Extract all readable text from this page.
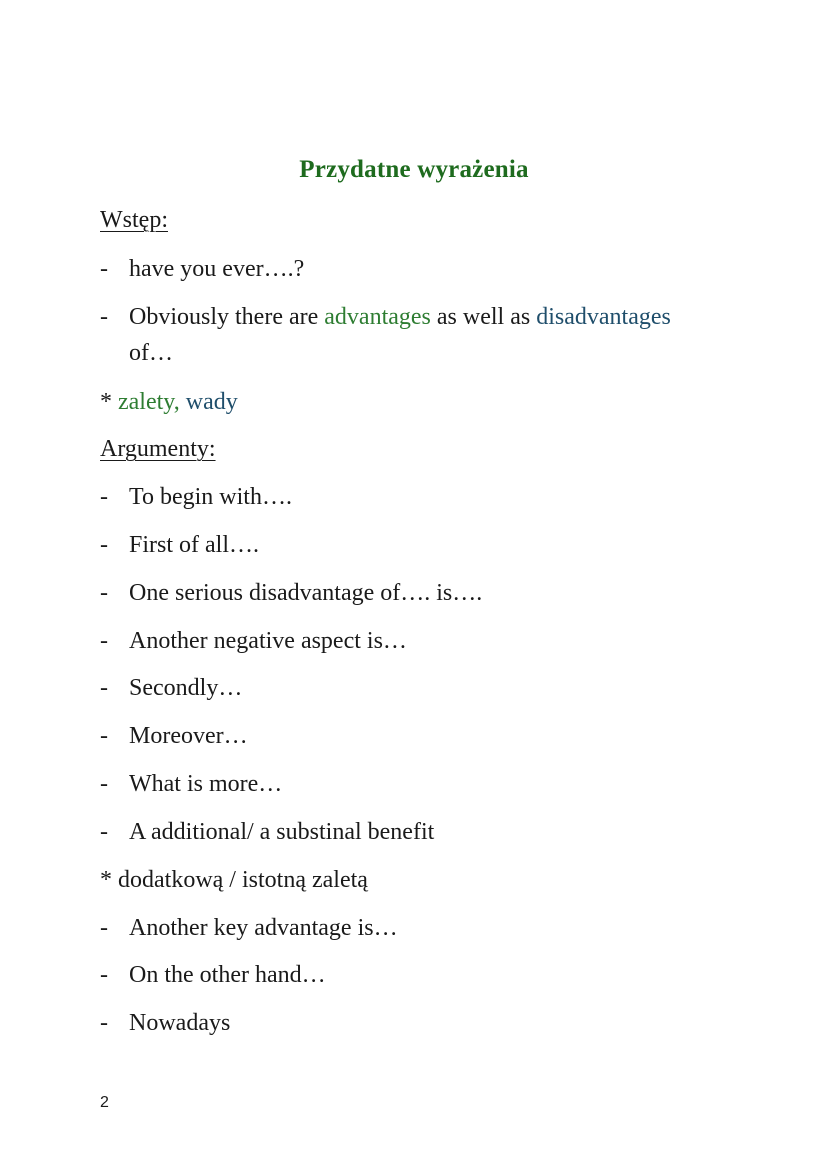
Przydatne wyrażenia
Wstęp:
- have you ever….?
- Obviously there are advantages as well as disadvantages
of…
* zalety, wady
Argumenty:
- To begin with….
- First of all….
- One serious disadvantage of…. is….
- Another negative aspect is…
- Secondly…
- Moreover…
- What is more…
- A additional/ a substinal benefit
* dodatkową / istotną zaletą
- Another key advantage is…
- On the other hand…
- Nowadays
2
